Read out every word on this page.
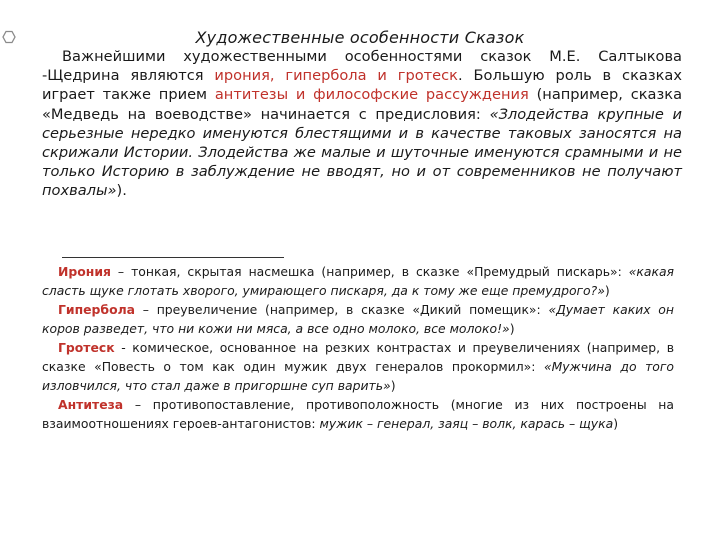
Художественные особенности Сказок

Важнейшими художественными особенностями сказок М.Е. Салтыкова -Щедрина являются ирония, гипербола и гротеск. Большую роль в сказках играет также прием антитезы и философские рассуждения (например, сказка «Медведь на воеводстве» начинается с предисловия: «Злодейства крупные и серьезные нередко именуются блестящими и в качестве таковых заносятся на скрижали Истории. Злодейства же малые и шуточные именуются срамными и не только Историю в заблуждение не вводят, но и от современников не получают похвалы»).

Ирония – тонкая, скрытая насмешка (например, в сказке «Премудрый пискарь»: «какая сласть щуке глотать хворого, умирающего пискаря, да к тому же еще премудрого?»)

Гипербола – преувеличение (например, в сказке «Дикий помещик»: «Думает каких он коров разведет, что ни кожи ни мяса, а все одно молоко, все молоко!»)

Гротеск - комическое, основанное на резких контрастах и преувеличениях (например, в сказке «Повесть о том как один мужик двух генералов прокормил»: «Мужчина до того изловчился, что стал даже в пригоршне суп варить»)

Антитеза – противопоставление, противоположность (многие из них построены на взаимоотношениях героев-антагонистов: мужик – генерал, заяц – волк, карась – щука)
